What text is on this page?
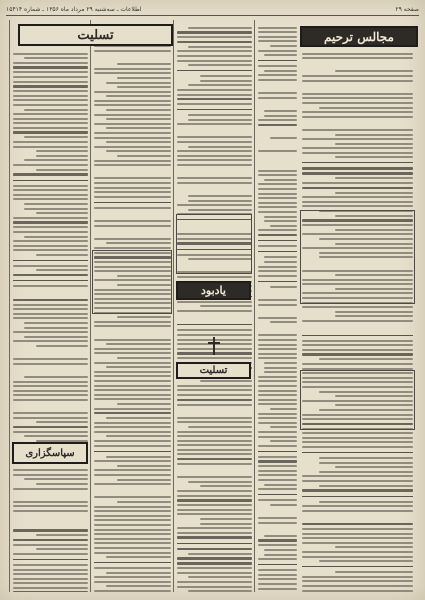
صفحه ۲۹
اطلاعات ـ سه‌شنبه ۲۹ مرداد ماه ۱۳۵۶ ـ شماره ۱۵۴۱۴
مجالس ترحیم
تسلیت
یادبود
تسلیت
سپاسگزاری
